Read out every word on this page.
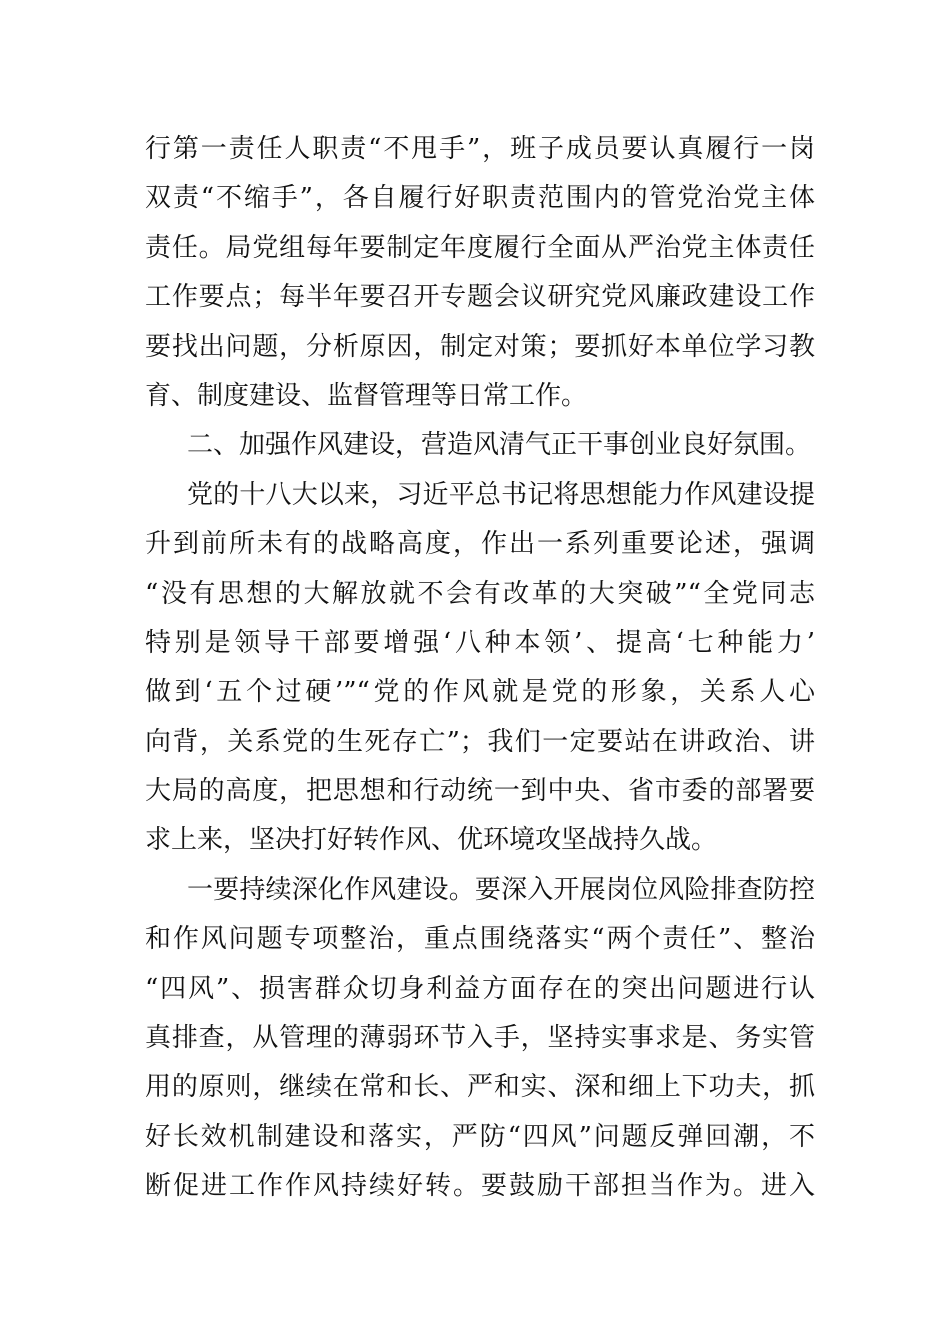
行第一责任人职责“不甩手”，班子成员要认真履行一岗
双责“不缩手”，各自履行好职责范围内的管党治党主体
责任。局党组每年要制定年度履行全面从严治党主体责任
工作要点；每半年要召开专题会议研究党风廉政建设工作
要找出问题，分析原因，制定对策；要抓好本单位学习教
育、制度建设、监督管理等日常工作。
二、加强作风建设，营造风清气正干事创业良好氛围。
党的十八大以来，习近平总书记将思想能力作风建设提
升到前所未有的战略高度，作出一系列重要论述，强调
“没有思想的大解放就不会有改革的大突破”“全党同志
特别是领导干部要增强‘八种本领’、提高‘七种能力’
做到‘五个过硬’”“党的作风就是党的形象，关系人心
向背，关系党的生死存亡”；我们一定要站在讲政治、讲
大局的高度，把思想和行动统一到中央、省市委的部署要
求上来，坚决打好转作风、优环境攻坚战持久战。
一要持续深化作风建设。要深入开展岗位风险排查防控
和作风问题专项整治，重点围绕落实“两个责任”、整治
“四风”、损害群众切身利益方面存在的突出问题进行认
真排查，从管理的薄弱环节入手，坚持实事求是、务实管
用的原则，继续在常和长、严和实、深和细上下功夫，抓
好长效机制建设和落实，严防“四风”问题反弹回潮，不
断促进工作作风持续好转。要鼓励干部担当作为。进入
